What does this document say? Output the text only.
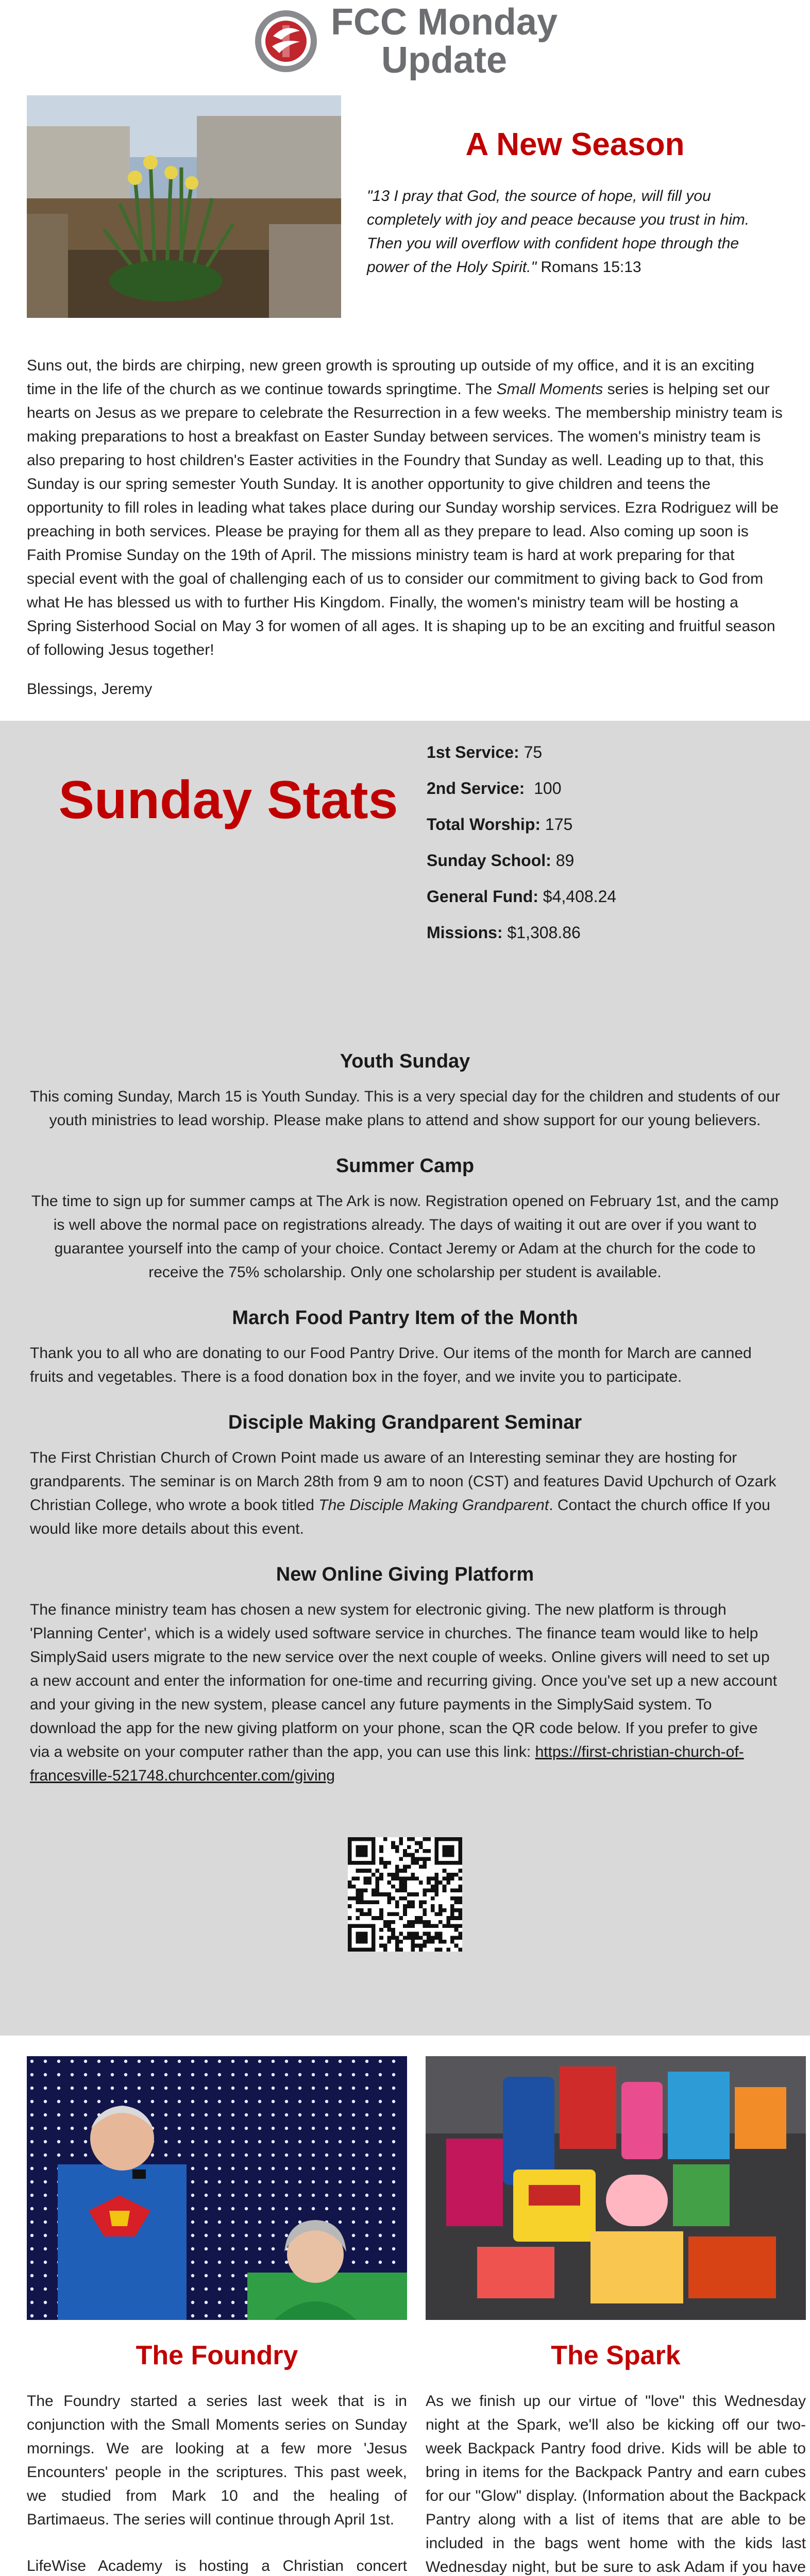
FCC Monday
Update
A New Season

"13 I pray that God, the source of hope, will fill you completely with joy and peace because you trust in him. Then you will overflow with confident hope through the power of the Holy Spirit." Romans 15:13

Suns out, the birds are chirping, new green growth is sprouting up outside of my office, and it is an exciting time in the life of the church as we continue towards springtime. The Small Moments series is helping set our hearts on Jesus as we prepare to celebrate the Resurrection in a few weeks. The membership ministry team is making preparations to host a breakfast on Easter Sunday between services. The women's ministry team is also preparing to host children's Easter activities in the Foundry that Sunday as well. Leading up to that, this Sunday is our spring semester Youth Sunday. It is another opportunity to give children and teens the opportunity to fill roles in leading what takes place during our Sunday worship services. Ezra Rodriguez will be preaching in both services. Please be praying for them all as they prepare to lead. Also coming up soon is Faith Promise Sunday on the 19th of April. The missions ministry team is hard at work preparing for that special event with the goal of challenging each of us to consider our commitment to giving back to God from what He has blessed us with to further His Kingdom. Finally, the women's ministry team will be hosting a Spring Sisterhood Social on May 3 for women of all ages. It is shaping up to be an exciting and fruitful season of following Jesus together!

Blessings, Jeremy

Sunday Stats
1st Service: 75
2nd Service:  100
Total Worship: 175
Sunday School: 89
General Fund: $4,408.24
Missions: $1,308.86
Youth Sunday

This coming Sunday, March 15 is Youth Sunday. This is a very special day for the children and students of our youth ministries to lead worship. Please make plans to attend and show support for our young believers.

Summer Camp

The time to sign up for summer camps at The Ark is now. Registration opened on February 1st, and the camp is well above the normal pace on registrations already. The days of waiting it out are over if you want to guarantee yourself into the camp of your choice. Contact Jeremy or Adam at the church for the code to receive the 75% scholarship. Only one scholarship per student is available.

March Food Pantry Item of the Month

Thank you to all who are donating to our Food Pantry Drive. Our items of the month for March are canned fruits and vegetables. There is a food donation box in the foyer, and we invite you to participate.

Disciple Making Grandparent Seminar

The First Christian Church of Crown Point made us aware of an Interesting seminar they are hosting for grandparents. The seminar is on March 28th from 9 am to noon (CST) and features David Upchurch of Ozark Christian College, who wrote a book titled The Disciple Making Grandparent. Contact the church office If you would like more details about this event.

New Online Giving Platform

The finance ministry team has chosen a new system for electronic giving. The new platform is through 'Planning Center', which is a widely used software service in churches. The finance team would like to help SimplySaid users migrate to the new service over the next couple of weeks. Online givers will need to set up a new account and enter the information for one-time and recurring giving. Once you've set up a new account and your giving in the new system, please cancel any future payments in the SimplySaid system. To download the app for the new giving platform on your phone, scan the QR code below. If you prefer to give via a website on your computer rather than the app, you can use this link: https://first-christian-church-of-francesville-521748.churchcenter.com/giving

The Foundry

The Foundry started a series last week that is in conjunction with the Small Moments series on Sunday mornings. We are looking at a few more 'Jesus Encounters' people in the scriptures. This past week, we studied from Mark 10 and the healing of Bartimaeus. The series will continue through April 1st.

LifeWise Academy is hosting a Christian concert

The Spark

As we finish up our virtue of "love" this Wednesday night at the Spark, we'll also be kicking off our two-week Backpack Pantry food drive. Kids will be able to bring in items for the Backpack Pantry and earn cubes for our "Glow" display. (Information about the Backpack Pantry along with a list of items that are able to be included in the bags went home with the kids last Wednesday night, but be sure to ask Adam if you have
